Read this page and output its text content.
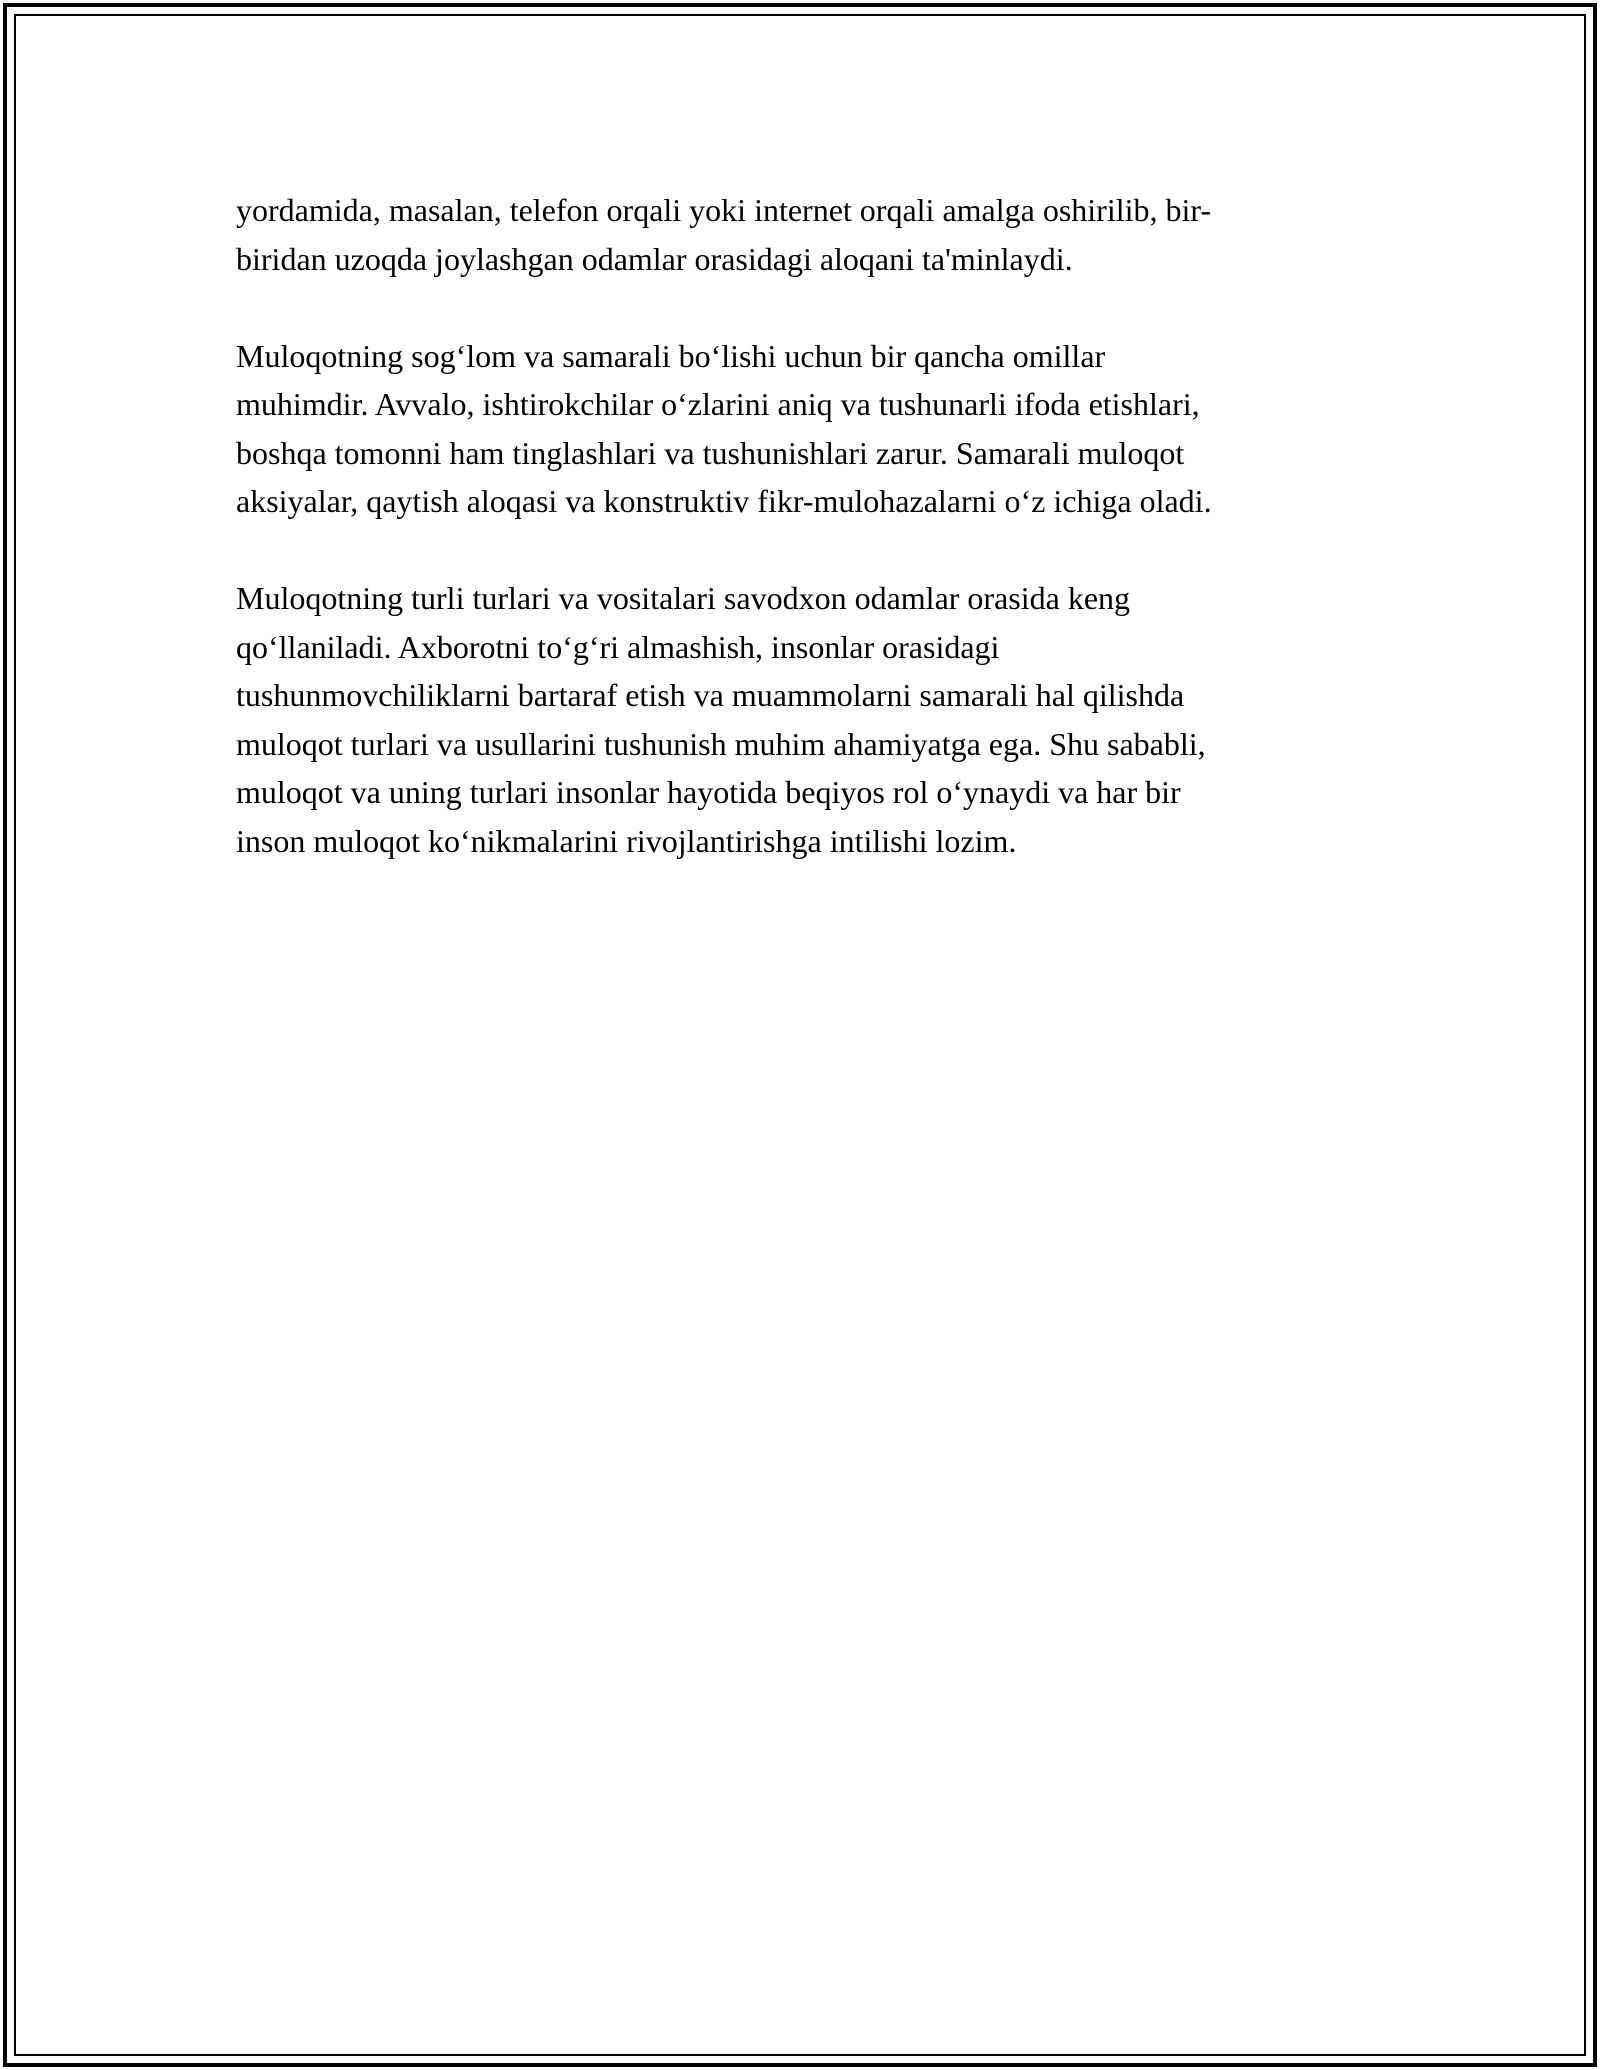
yordamida, masalan, telefon orqali yoki internet orqali amalga oshirilib, bir-
biridan uzoqda joylashgan odamlar orasidagi aloqani ta'minlaydi.

Muloqotning sog‘lom va samarali bo‘lishi uchun bir qancha omillar
muhimdir. Avvalo, ishtirokchilar o‘zlarini aniq va tushunarli ifoda etishlari,
boshqa tomonni ham tinglashlari va tushunishlari zarur. Samarali muloqot
aksiyalar, qaytish aloqasi va konstruktiv fikr-mulohazalarni o‘z ichiga oladi.

Muloqotning turli turlari va vositalari savodxon odamlar orasida keng
qo‘llaniladi. Axborotni to‘g‘ri almashish, insonlar orasidagi
tushunmovchiliklarni bartaraf etish va muammolarni samarali hal qilishda
muloqot turlari va usullarini tushunish muhim ahamiyatga ega. Shu sababli,
muloqot va uning turlari insonlar hayotida beqiyos rol o‘ynaydi va har bir
inson muloqot ko‘nikmalarini rivojlantirishga intilishi lozim.
